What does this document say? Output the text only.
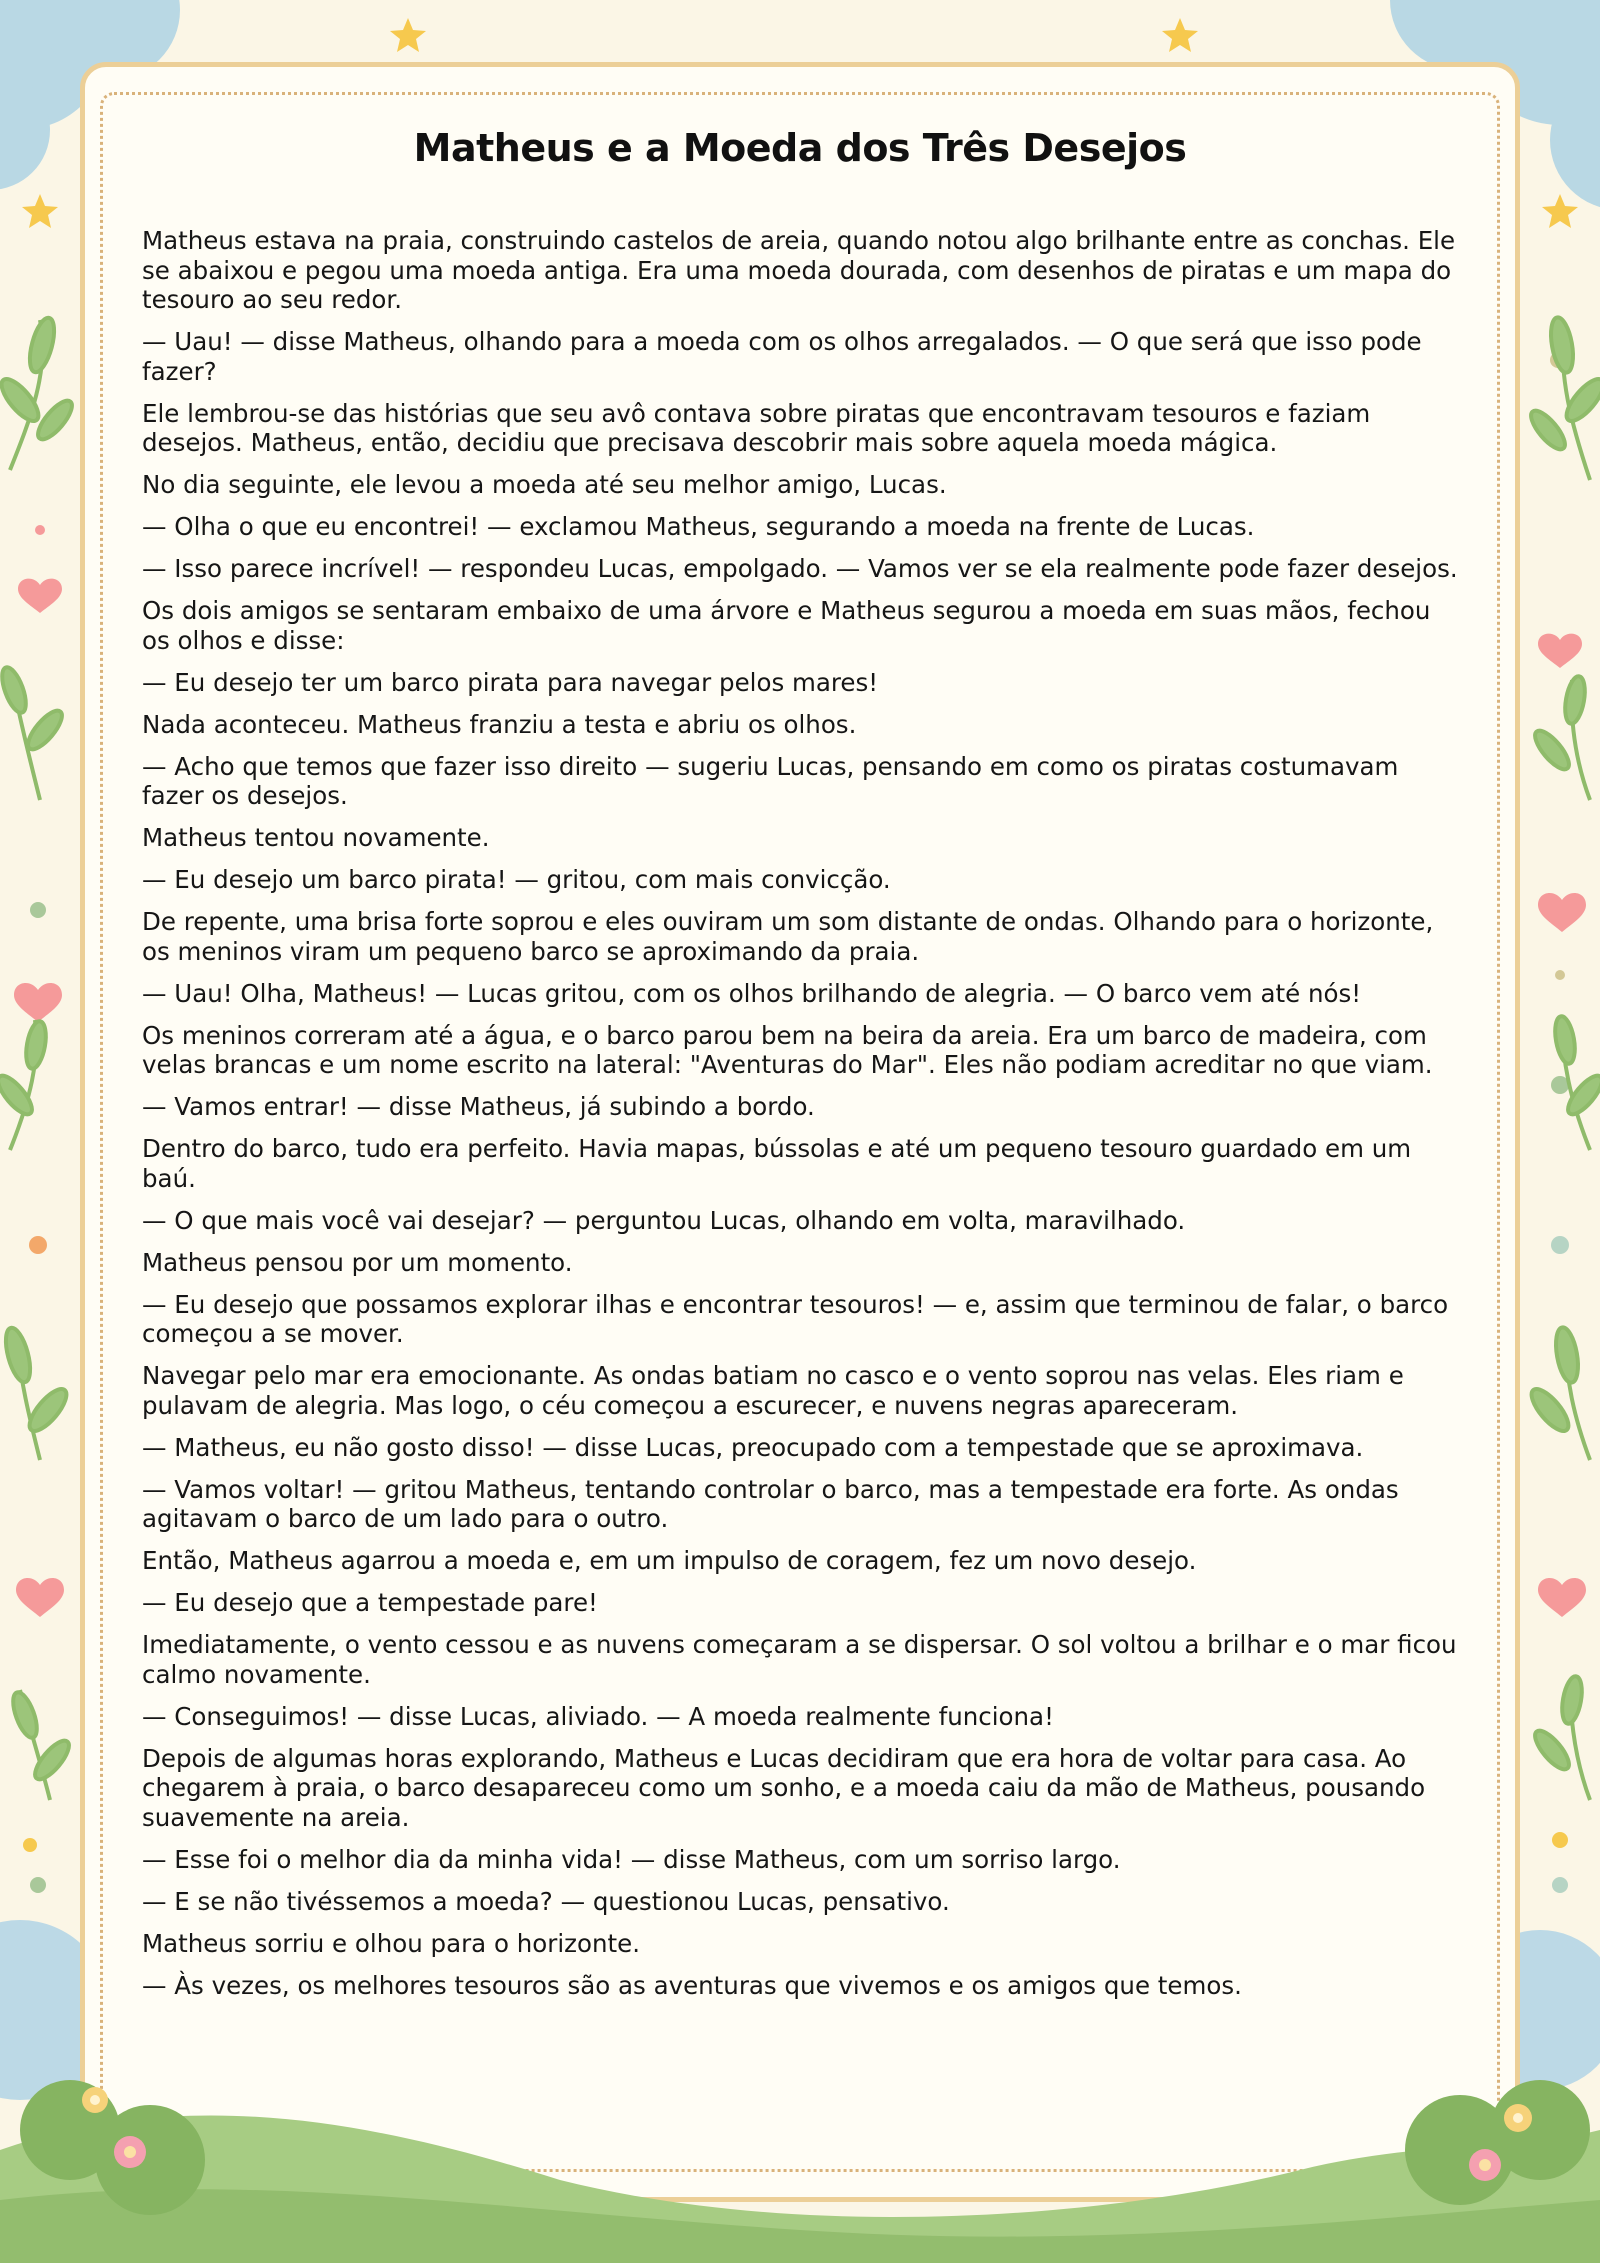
Matheus e a Moeda dos Três Desejos

Matheus estava na praia, construindo castelos de areia, quando notou algo brilhante entre as conchas. Ele se abaixou e pegou uma moeda antiga. Era uma moeda dourada, com desenhos de piratas e um mapa do tesouro ao seu redor.

— Uau! — disse Matheus, olhando para a moeda com os olhos arregalados. — O que será que isso pode fazer?

Ele lembrou-se das histórias que seu avô contava sobre piratas que encontravam tesouros e faziam desejos. Matheus, então, decidiu que precisava descobrir mais sobre aquela moeda mágica.

No dia seguinte, ele levou a moeda até seu melhor amigo, Lucas.

— Olha o que eu encontrei! — exclamou Matheus, segurando a moeda na frente de Lucas.

— Isso parece incrível! — respondeu Lucas, empolgado. — Vamos ver se ela realmente pode fazer desejos.

Os dois amigos se sentaram embaixo de uma árvore e Matheus segurou a moeda em suas mãos, fechou os olhos e disse:

— Eu desejo ter um barco pirata para navegar pelos mares!

Nada aconteceu. Matheus franziu a testa e abriu os olhos.

— Acho que temos que fazer isso direito — sugeriu Lucas, pensando em como os piratas costumavam fazer os desejos.

Matheus tentou novamente.

— Eu desejo um barco pirata! — gritou, com mais convicção.

De repente, uma brisa forte soprou e eles ouviram um som distante de ondas. Olhando para o horizonte, os meninos viram um pequeno barco se aproximando da praia.

— Uau! Olha, Matheus! — Lucas gritou, com os olhos brilhando de alegria. — O barco vem até nós!

Os meninos correram até a água, e o barco parou bem na beira da areia. Era um barco de madeira, com velas brancas e um nome escrito na lateral: "Aventuras do Mar". Eles não podiam acreditar no que viam.

— Vamos entrar! — disse Matheus, já subindo a bordo.

Dentro do barco, tudo era perfeito. Havia mapas, bússolas e até um pequeno tesouro guardado em um baú.

— O que mais você vai desejar? — perguntou Lucas, olhando em volta, maravilhado.

Matheus pensou por um momento.

— Eu desejo que possamos explorar ilhas e encontrar tesouros! — e, assim que terminou de falar, o barco começou a se mover.

Navegar pelo mar era emocionante. As ondas batiam no casco e o vento soprou nas velas. Eles riam e pulavam de alegria. Mas logo, o céu começou a escurecer, e nuvens negras apareceram.

— Matheus, eu não gosto disso! — disse Lucas, preocupado com a tempestade que se aproximava.

— Vamos voltar! — gritou Matheus, tentando controlar o barco, mas a tempestade era forte. As ondas agitavam o barco de um lado para o outro.

Então, Matheus agarrou a moeda e, em um impulso de coragem, fez um novo desejo.

— Eu desejo que a tempestade pare!

Imediatamente, o vento cessou e as nuvens começaram a se dispersar. O sol voltou a brilhar e o mar ficou calmo novamente.

— Conseguimos! — disse Lucas, aliviado. — A moeda realmente funciona!

Depois de algumas horas explorando, Matheus e Lucas decidiram que era hora de voltar para casa. Ao chegarem à praia, o barco desapareceu como um sonho, e a moeda caiu da mão de Matheus, pousando suavemente na areia.

— Esse foi o melhor dia da minha vida! — disse Matheus, com um sorriso largo.

— E se não tivéssemos a moeda? — questionou Lucas, pensativo.

Matheus sorriu e olhou para o horizonte.

— Às vezes, os melhores tesouros são as aventuras que vivemos e os amigos que temos.
